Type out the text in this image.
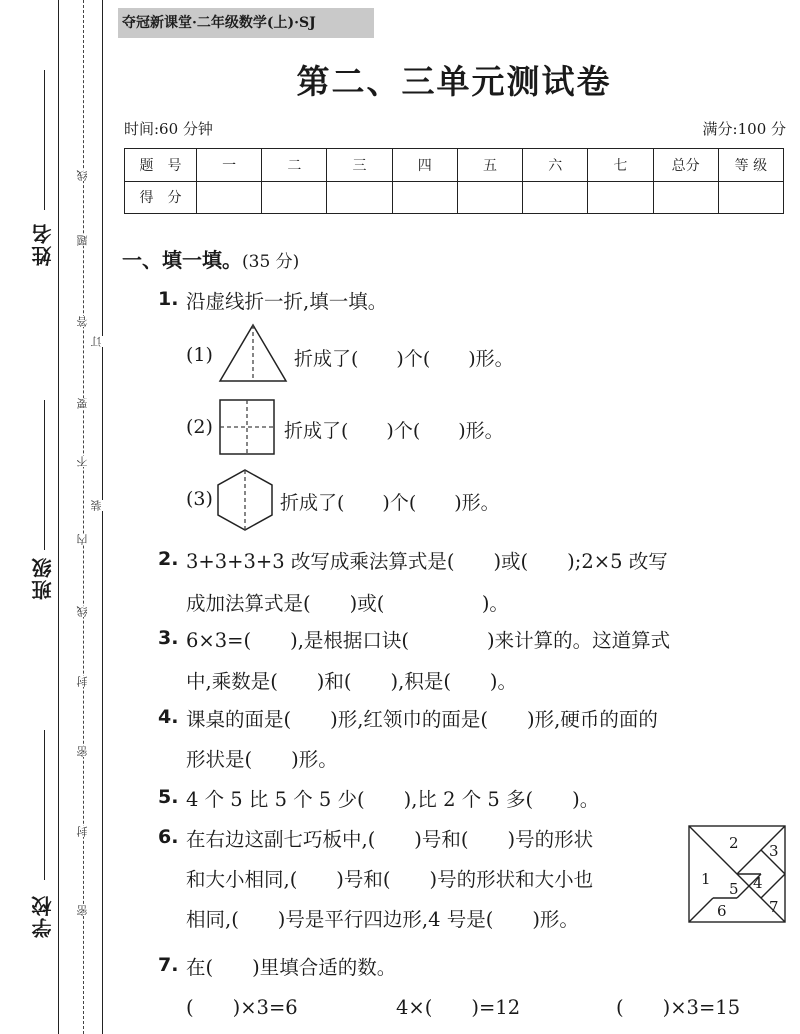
姓名
班级
学校
线
题
答
要
不
内
线
封
密
封
密
订
装
夺冠新课堂·二年级数学(上)·SJ
第二、三单元测试卷
时间:60 分钟	满分:100 分
题　号	一	二	三	四	五	六	七	总分	等 级
得　分									
一、填一填。(35 分)
1. 沿虚线折一折,填一填。
(1)	折成了(　　)个(　　)形。
(2)	折成了(　　)个(　　)形。
(3)	折成了(　　)个(　　)形。
2. 3+3+3+3 改写成乘法算式是(　　)或(　　);2×5 改写
成加法算式是(　　)或(　　　　　)。
3. 6×3=(　　),是根据口诀(　　　　)来计算的。这道算式
中,乘数是(　　)和(　　),积是(　　)。
4. 课桌的面是(　　)形,红领巾的面是(　　)形,硬币的面的
形状是(　　)形。
5. 4 个 5 比 5 个 5 少(　　),比 2 个 5 多(　　)。
6. 在右边这副七巧板中,(　　)号和(　　)号的形状
和大小相同,(　　)号和(　　)号的形状和大小也
相同,(　　)号是平行四边形,4 号是(　　)形。
1
2 3
4
5
6	7
7. 在(　　)里填合适的数。
(　　)×3=6	4×(　　)=12	(　　)×3=15
